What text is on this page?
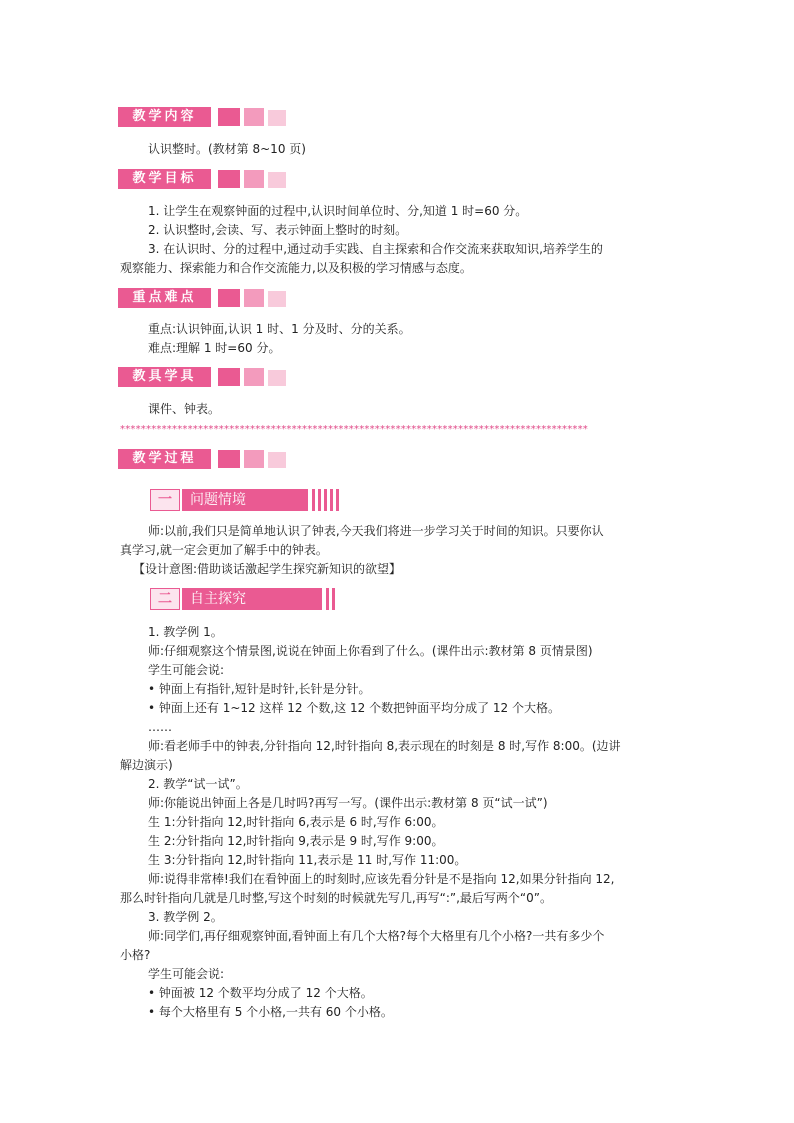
教学内容
认识整时。(教材第 8~10 页)
教学目标
1. 让学生在观察钟面的过程中,认识时间单位时、分,知道 1 时=60 分。
2. 认识整时,会读、写、表示钟面上整时的时刻。
3. 在认识时、分的过程中,通过动手实践、自主探索和合作交流来获取知识,培养学生的
观察能力、探索能力和合作交流能力,以及积极的学习情感与态度。
重点难点
重点:认识钟面,认识 1 时、1 分及时、分的关系。
难点:理解 1 时=60 分。
教具学具
课件、钟表。
******************************************************************************************
教学过程
一	问题情境
师:以前,我们只是简单地认识了钟表,今天我们将进一步学习关于时间的知识。只要你认
真学习,就一定会更加了解手中的钟表。
【设计意图:借助谈话激起学生探究新知识的欲望】
二	自主探究
1. 教学例 1。
师:仔细观察这个情景图,说说在钟面上你看到了什么。(课件出示:教材第 8 页情景图)
学生可能会说:
• 钟面上有指针,短针是时针,长针是分针。
• 钟面上还有 1~12 这样 12 个数,这 12 个数把钟面平均分成了 12 个大格。
……
师:看老师手中的钟表,分针指向 12,时针指向 8,表示现在的时刻是 8 时,写作 8:00。(边讲
解边演示)
2. 教学“试一试”。
师:你能说出钟面上各是几时吗?再写一写。(课件出示:教材第 8 页“试一试”)
生 1:分针指向 12,时针指向 6,表示是 6 时,写作 6:00。
生 2:分针指向 12,时针指向 9,表示是 9 时,写作 9:00。
生 3:分针指向 12,时针指向 11,表示是 11 时,写作 11:00。
师:说得非常棒!我们在看钟面上的时刻时,应该先看分针是不是指向 12,如果分针指向 12,
那么时针指向几就是几时整,写这个时刻的时候就先写几,再写“:”,最后写两个“0”。
3. 教学例 2。
师:同学们,再仔细观察钟面,看钟面上有几个大格?每个大格里有几个小格?一共有多少个
小格?
学生可能会说:
• 钟面被 12 个数平均分成了 12 个大格。
• 每个大格里有 5 个小格,一共有 60 个小格。
